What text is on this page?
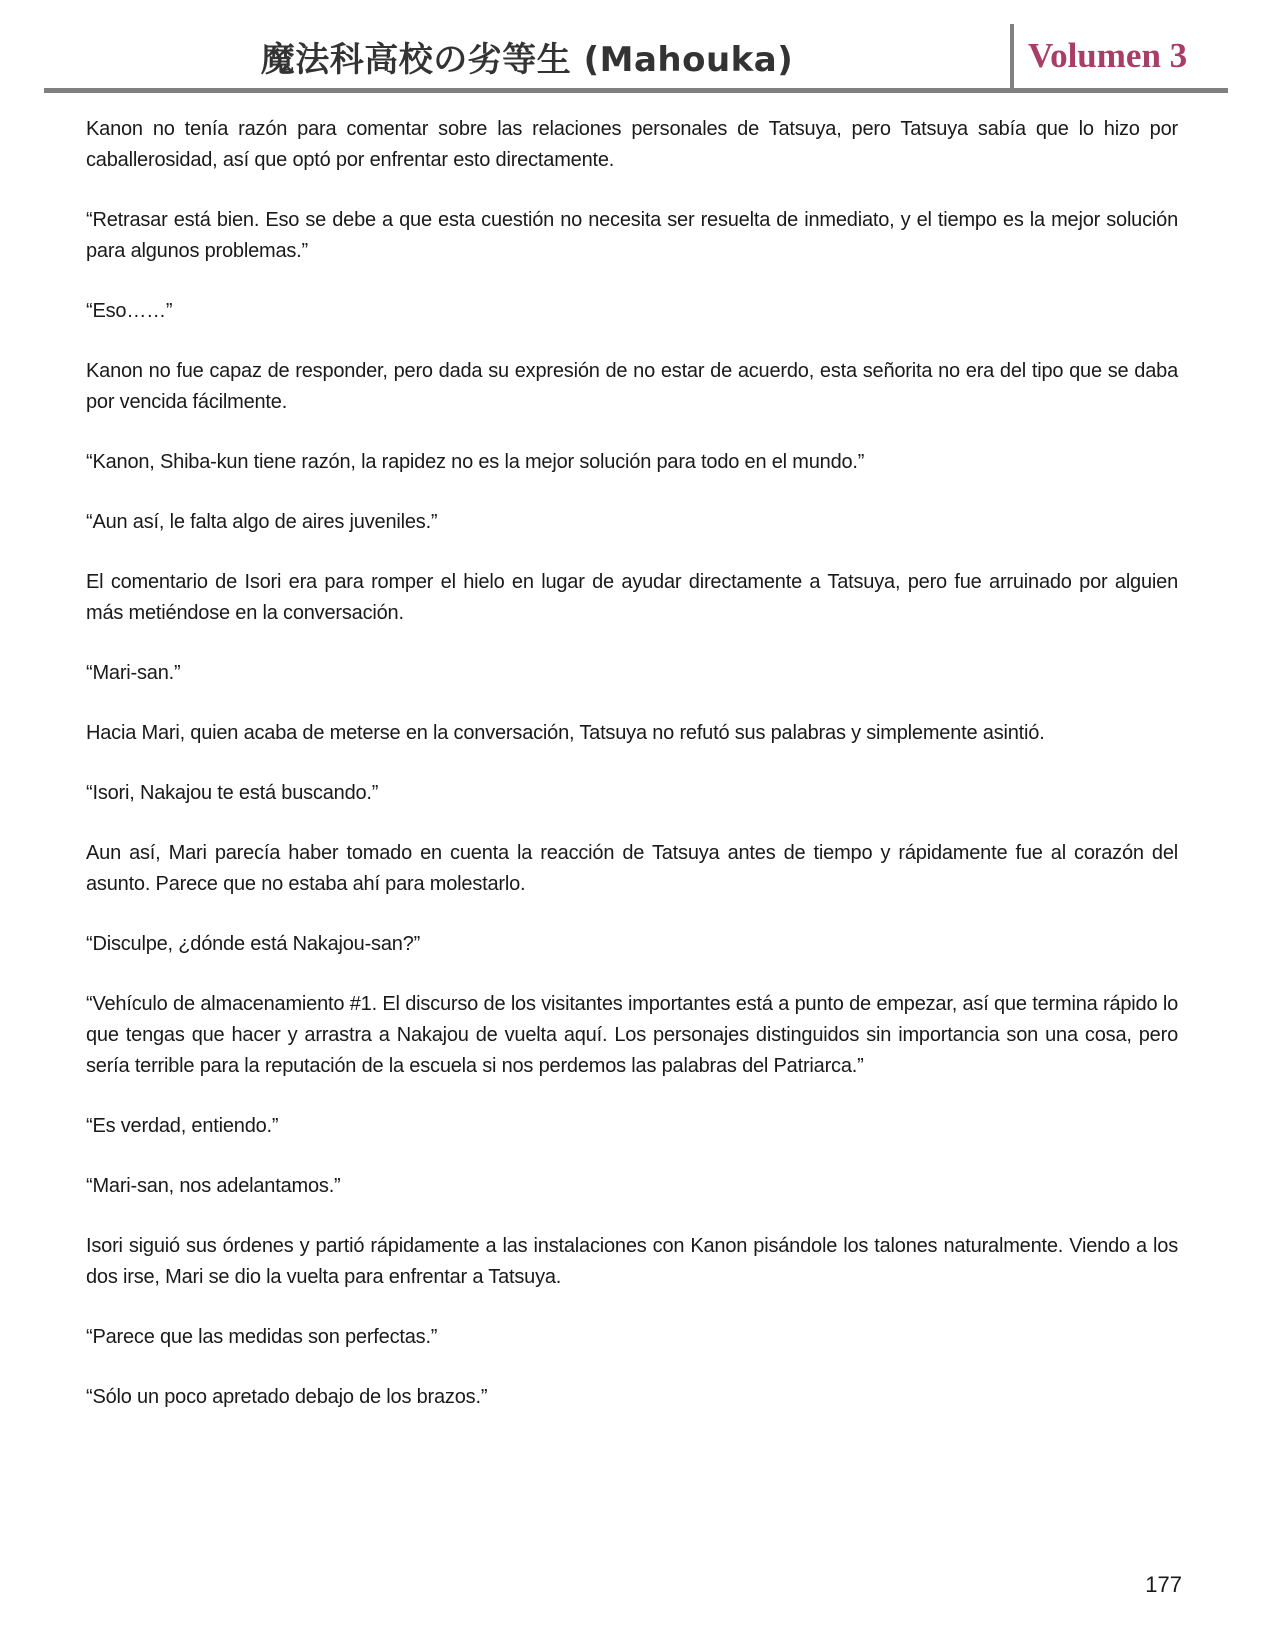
魔法科高校の劣等生 (Mahouka)	Volumen 3

Kanon no tenía razón para comentar sobre las relaciones personales de Tatsuya, pero Tatsuya sabía que lo hizo por caballerosidad, así que optó por enfrentar esto directamente.

“Retrasar está bien. Eso se debe a que esta cuestión no necesita ser resuelta de inmediato, y el tiempo es la mejor solución para algunos problemas.”

“Eso……”

Kanon no fue capaz de responder, pero dada su expresión de no estar de acuerdo, esta señorita no era del tipo que se daba por vencida fácilmente.

“Kanon, Shiba-kun tiene razón, la rapidez no es la mejor solución para todo en el mundo.”

“Aun así, le falta algo de aires juveniles.”

El comentario de Isori era para romper el hielo en lugar de ayudar directamente a Tatsuya, pero fue arruinado por alguien más metiéndose en la conversación.

“Mari-san.”

Hacia Mari, quien acaba de meterse en la conversación, Tatsuya no refutó sus palabras y simplemente asintió.

“Isori, Nakajou te está buscando.”

Aun así, Mari parecía haber tomado en cuenta la reacción de Tatsuya antes de tiempo y rápidamente fue al corazón del asunto. Parece que no estaba ahí para molestarlo.

“Disculpe, ¿dónde está Nakajou-san?”

“Vehículo de almacenamiento #1. El discurso de los visitantes importantes está a punto de empezar, así que termina rápido lo que tengas que hacer y arrastra a Nakajou de vuelta aquí. Los personajes distinguidos sin importancia son una cosa, pero sería terrible para la reputación de la escuela si nos perdemos las palabras del Patriarca.”

“Es verdad, entiendo.”

“Mari-san, nos adelantamos.”

Isori siguió sus órdenes y partió rápidamente a las instalaciones con Kanon pisándole los talones naturalmente. Viendo a los dos irse, Mari se dio la vuelta para enfrentar a Tatsuya.

“Parece que las medidas son perfectas.”

“Sólo un poco apretado debajo de los brazos.”

177
